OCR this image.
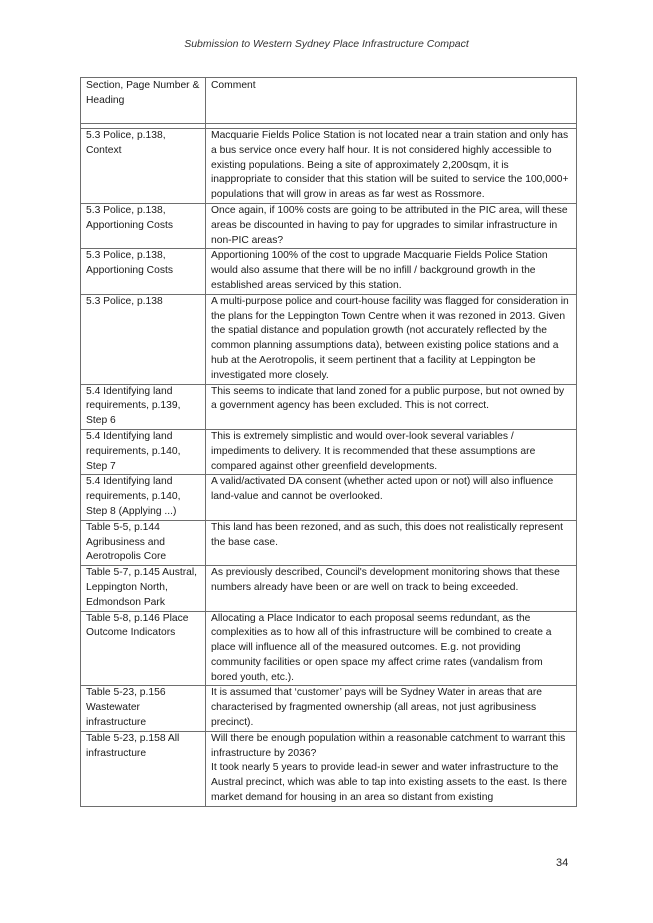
Submission to Western Sydney Place Infrastructure Compact
Section, Page Number & Heading	Comment

5.3 Police, p.138, Context	Macquarie Fields Police Station is not located near a train station and only has a bus service once every half hour. It is not considered highly accessible to existing populations. Being a site of approximately 2,200sqm, it is inappropriate to consider that this station will be suited to service the 100,000+ populations that will grow in areas as far west as Rossmore.
5.3 Police, p.138, Apportioning Costs	Once again, if 100% costs are going to be attributed in the PIC area, will these areas be discounted in having to pay for upgrades to similar infrastructure in non-PIC areas?
5.3 Police, p.138, Apportioning Costs	Apportioning 100% of the cost to upgrade Macquarie Fields Police Station would also assume that there will be no infill / background growth in the established areas serviced by this station.
5.3 Police, p.138	A multi-purpose police and court-house facility was flagged for consideration in the plans for the Leppington Town Centre when it was rezoned in 2013. Given the spatial distance and population growth (not accurately reflected by the common planning assumptions data), between existing police stations and a hub at the Aerotropolis, it seem pertinent that a facility at Leppington be investigated more closely.
5.4 Identifying land requirements, p.139, Step 6	This seems to indicate that land zoned for a public purpose, but not owned by a government agency has been excluded. This is not correct.
5.4 Identifying land requirements, p.140, Step 7	This is extremely simplistic and would over-look several variables / impediments to delivery. It is recommended that these assumptions are compared against other greenfield developments.
5.4 Identifying land requirements, p.140, Step 8 (Applying ...)	A valid/activated DA consent (whether acted upon or not) will also influence land-value and cannot be overlooked.
Table 5-5, p.144 Agribusiness and Aerotropolis Core	This land has been rezoned, and as such, this does not realistically represent the base case.
Table 5-7, p.145 Austral, Leppington North, Edmondson Park	As previously described, Council's development monitoring shows that these numbers already have been or are well on track to being exceeded.
Table 5-8, p.146 Place Outcome Indicators	Allocating a Place Indicator to each proposal seems redundant, as the complexities as to how all of this infrastructure will be combined to create a place will influence all of the measured outcomes. E.g. not providing community facilities or open space my affect crime rates (vandalism from bored youth, etc.).
Table 5-23, p.156 Wastewater infrastructure	It is assumed that ‘customer’ pays will be Sydney Water in areas that are characterised by fragmented ownership (all areas, not just agribusiness precinct).
Table 5-23, p.158 All infrastructure	Will there be enough population within a reasonable catchment to warrant this infrastructure by 2036?
It took nearly 5 years to provide lead-in sewer and water infrastructure to the Austral precinct, which was able to tap into existing assets to the east. Is there market demand for housing in an area so distant from existing
34
